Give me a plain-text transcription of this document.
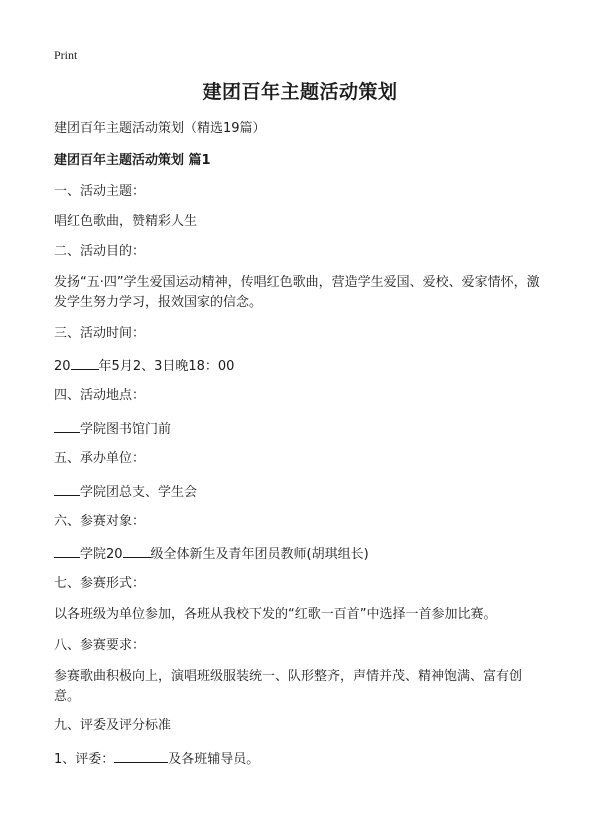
Print
建团百年主题活动策划
建团百年主题活动策划（精选19篇）
建团百年主题活动策划 篇1
一、活动主题：
唱红色歌曲，赞精彩人生
二、活动目的：
发扬“五·四”学生爱国运动精神，传唱红色歌曲，营造学生爱国、爱校、爱家情怀，激发学生努力学习，报效国家的信念。
三、活动时间：
20 年5月2、3日晚18：00
四、活动地点：
学院图书馆门前
五、承办单位：
学院团总支、学生会
六、参赛对象：
学院20 级全体新生及青年团员教师(胡琪组长)
七、参赛形式：
以各班级为单位参加，各班从我校下发的“红歌一百首”中选择一首参加比赛。
八、参赛要求：
参赛歌曲积极向上，演唱班级服装统一、队形整齐，声情并茂、精神饱满、富有创意。
九、评委及评分标准
1、评委：	及各班辅导员。
